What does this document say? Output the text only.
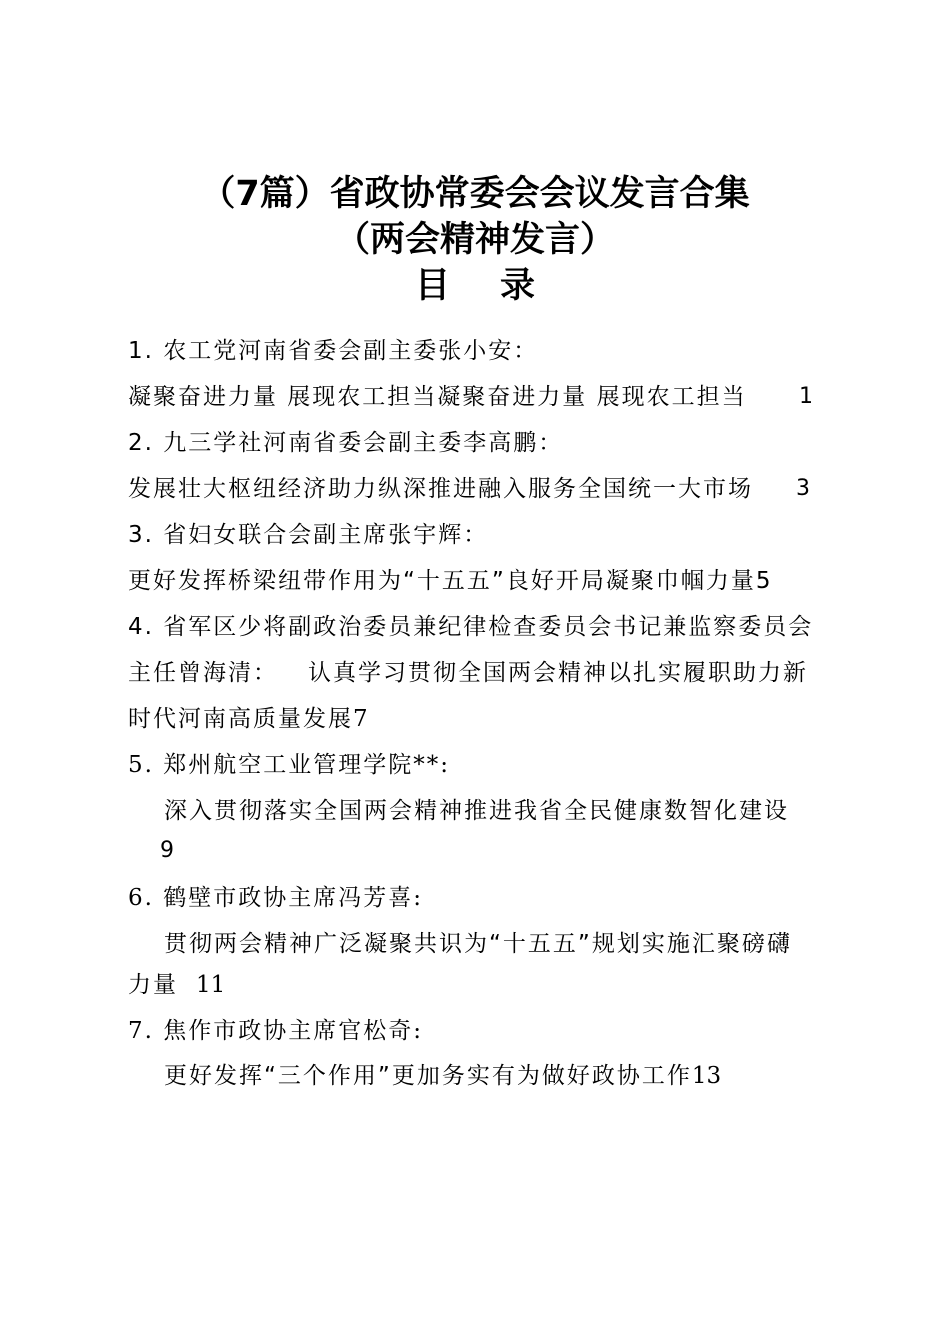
（7篇）省政协常委会会议发言合集
（两会精神发言）
目 录
1. 农工党河南省委会副主委张小安：
凝聚奋进力量 展现农工担当凝聚奋进力量 展现农工担当 1
2. 九三学社河南省委会副主委李高鹏：
发展壮大枢纽经济助力纵深推进融入服务全国统一大市场 3
3. 省妇女联合会副主席张宇辉：
更好发挥桥梁纽带作用为“十五五”良好开局凝聚巾帼力量5
4. 省军区少将副政治委员兼纪律检查委员会书记兼监察委员会
主任曾海清： 认真学习贯彻全国两会精神以扎实履职助力新
时代河南高质量发展7
5. 郑州航空工业管理学院**:
深入贯彻落实全国两会精神推进我省全民健康数智化建设
9
6. 鹤壁市政协主席冯芳喜:
贯彻两会精神广泛凝聚共识为“十五五”规划实施汇聚磅礴
力量 11
7. 焦作市政协主席官松奇:
更好发挥“三个作用”更加务实有为做好政协工作13
